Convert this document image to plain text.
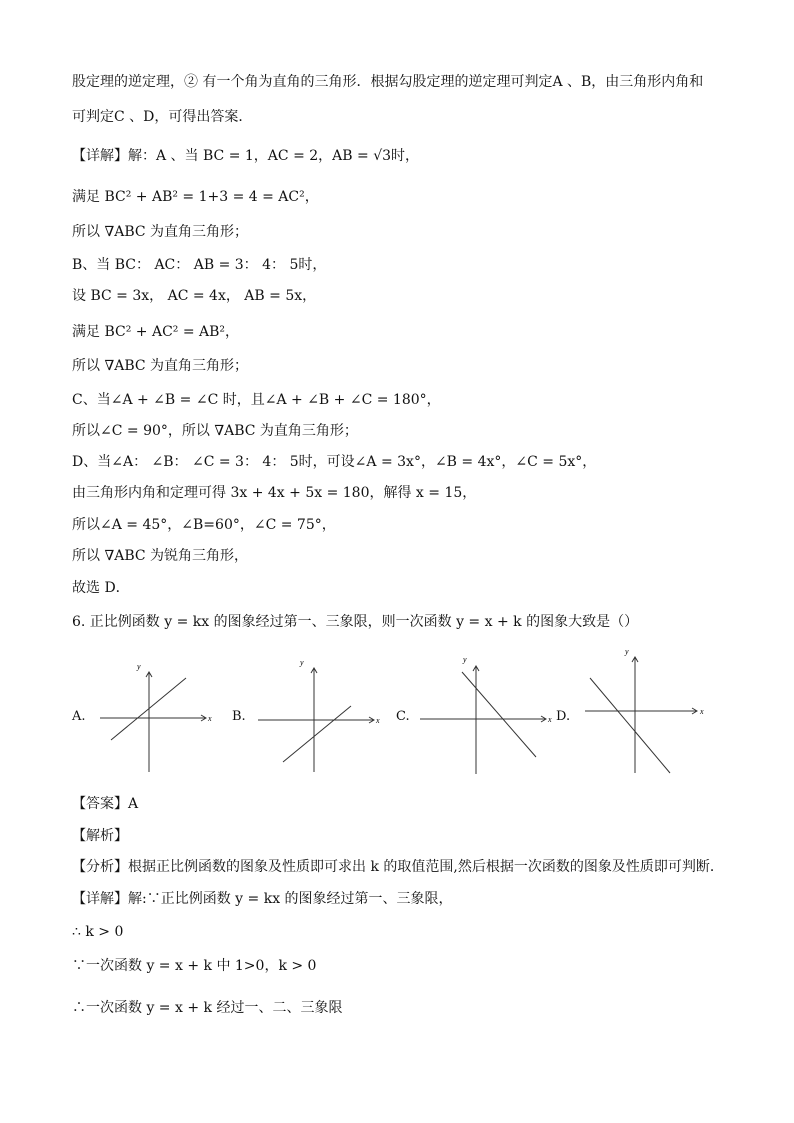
股定理的逆定理，② 有一个角为直角的三角形．根据勾股定理的逆定理可判定A 、B，由三角形内角和
可判定C 、D，可得出答案．
【详解】解：A 、当 BC = 1，AC = 2，AB = √3时，
满足 BC² + AB² = 1+3 = 4 = AC²，
所以 ∇ABC 为直角三角形；
B、当 BC： AC： AB = 3： 4： 5时，
设 BC = 3x， AC = 4x， AB = 5x，
满足 BC² + AC² = AB²，
所以 ∇ABC 为直角三角形；
C、当∠A + ∠B = ∠C 时，且∠A + ∠B + ∠C = 180°，
所以∠C = 90°，所以 ∇ABC 为直角三角形；
D、当∠A： ∠B： ∠C = 3： 4： 5时，可设∠A = 3x°，∠B = 4x°，∠C = 5x°，
由三角形内角和定理可得 3x + 4x + 5x = 180，解得 x = 15，
所以∠A = 45°，∠B=60°，∠C = 75°，
所以 ∇ABC 为锐角三角形，
故选 D．
6. 正比例函数 y = kx 的图象经过第一、三象限，则一次函数 y = x + k 的图象大致是（）
A.	x
y
B.	x
y
C.	x
y
D.	x
y
【答案】A
【解析】
【分析】根据正比例函数的图象及性质即可求出 k 的取值范围,然后根据一次函数的图象及性质即可判断．
【详解】解:∵正比例函数 y = kx 的图象经过第一、三象限，
∴ k > 0
∵一次函数 y = x + k 中 1>0，k > 0
∴一次函数 y = x + k 经过一、二、三象限
